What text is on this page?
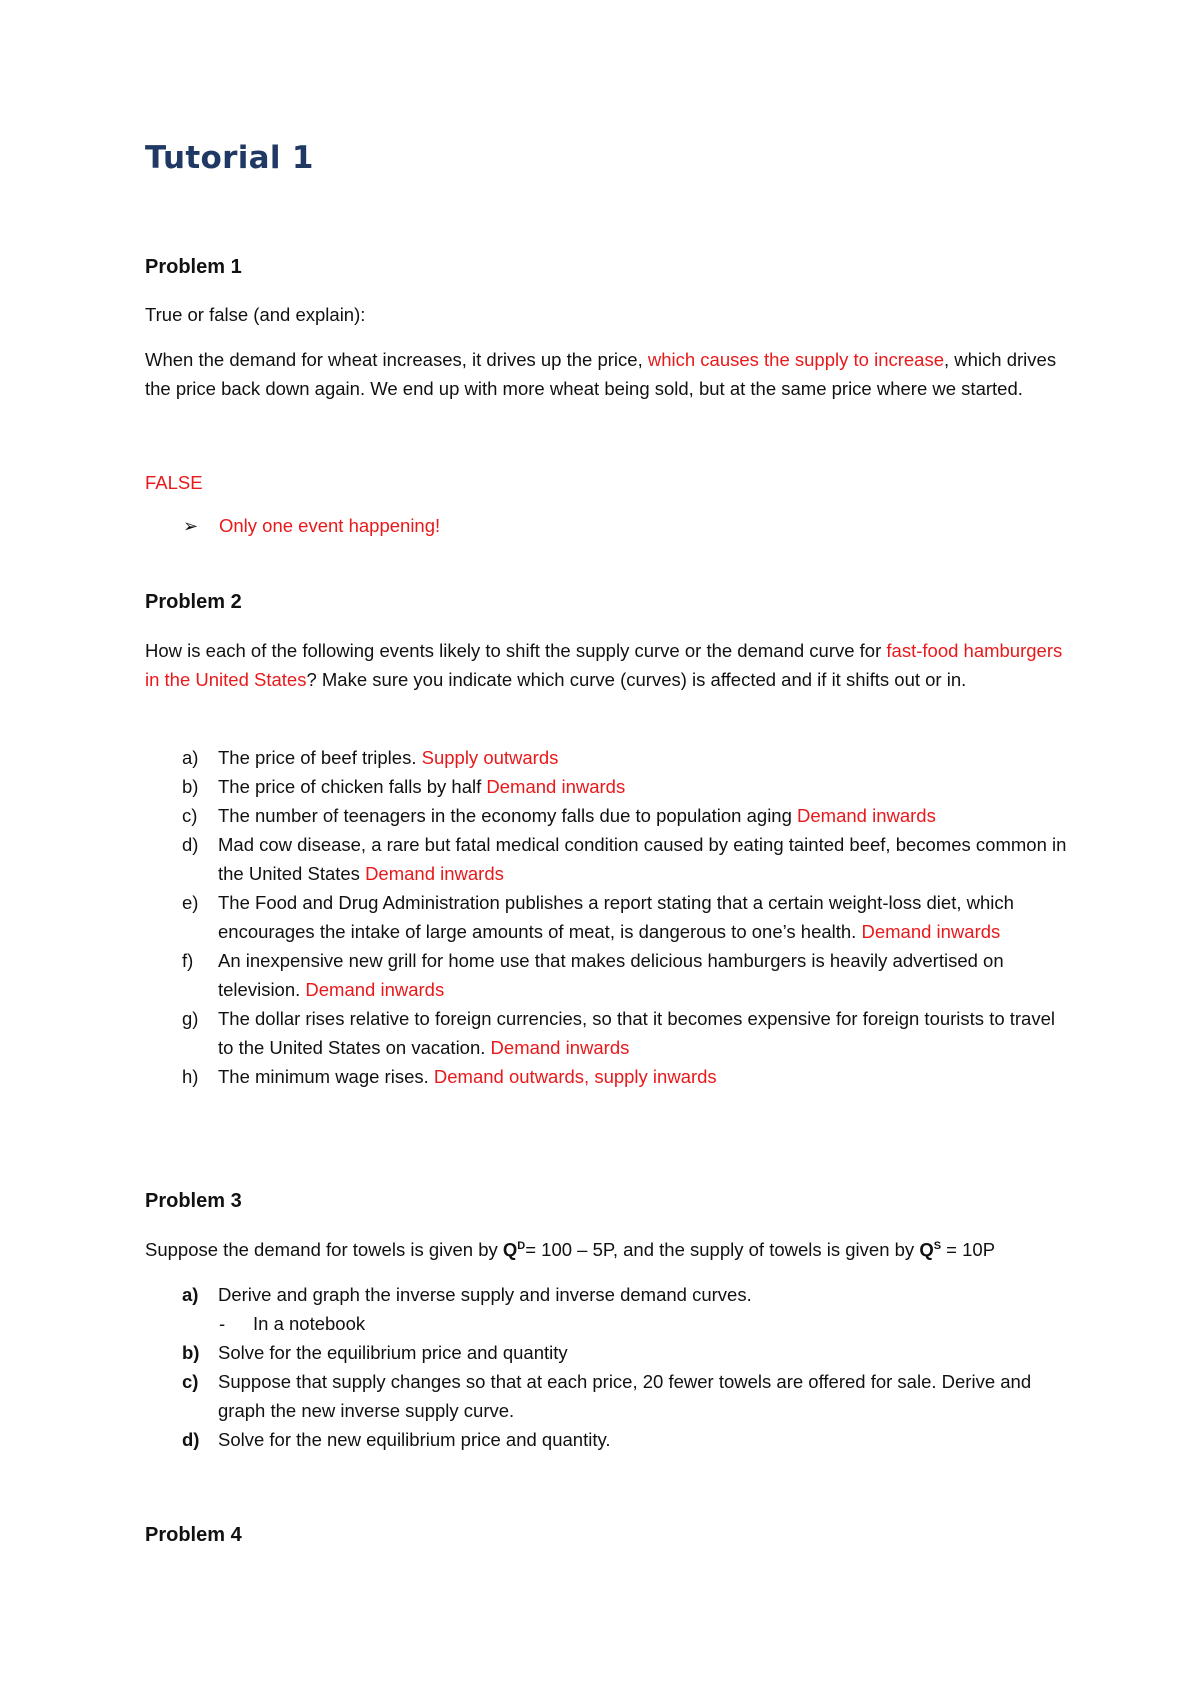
Tutorial 1
Problem 1

True or false (and explain):

When the demand for wheat increases, it drives up the price, which causes the supply to increase, which drives the price back down again. We end up with more wheat being sold, but at the same price where we started.

FALSE

➢ Only one event happening!
Problem 2

How is each of the following events likely to shift the supply curve or the demand curve for fast-food hamburgers in the United States? Make sure you indicate which curve (curves) is affected and if it shifts out or in.

a) The price of beef triples. Supply outwards
b) The price of chicken falls by half Demand inwards
c) The number of teenagers in the economy falls due to population aging Demand inwards
d) Mad cow disease, a rare but fatal medical condition caused by eating tainted beef, becomes common in the United States Demand inwards
e) The Food and Drug Administration publishes a report stating that a certain weight-loss diet, which encourages the intake of large amounts of meat, is dangerous to one’s health. Demand inwards
f) An inexpensive new grill for home use that makes delicious hamburgers is heavily advertised on television. Demand inwards
g) The dollar rises relative to foreign currencies, so that it becomes expensive for foreign tourists to travel to the United States on vacation. Demand inwards
h) The minimum wage rises. Demand outwards, supply inwards
Problem 3

Suppose the demand for towels is given by $Q^D= 100 - 5P$, and the supply of towels is given by $Q^S = 10P$

a) Derive and graph the inverse supply and inverse demand curves.
- In a notebook
b) Solve for the equilibrium price and quantity
c) Suppose that supply changes so that at each price, 20 fewer towels are offered for sale. Derive and graph the new inverse supply curve.
d) Solve for the new equilibrium price and quantity.
Problem 4
